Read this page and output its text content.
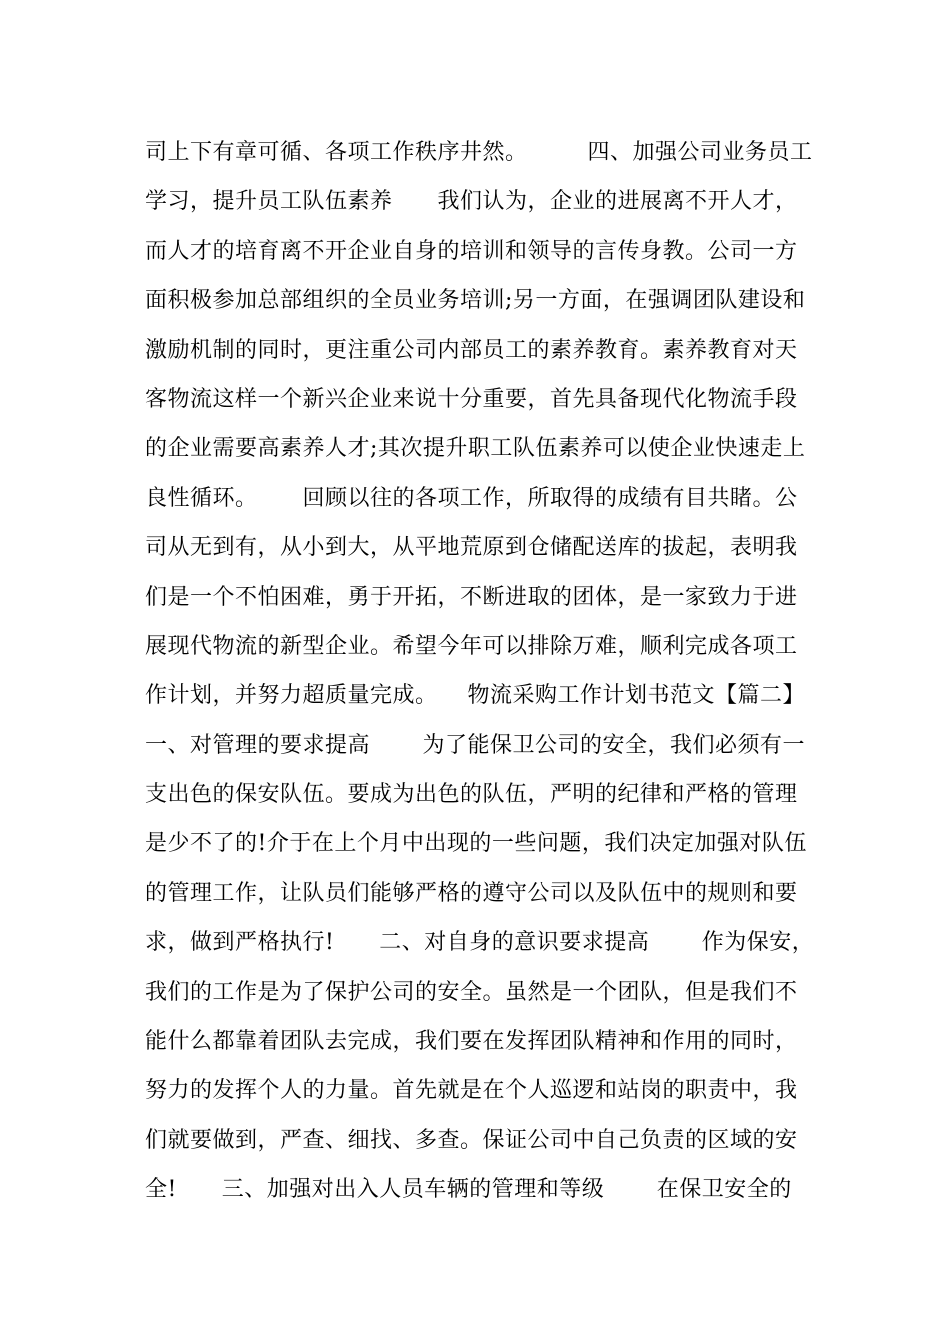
司上下有章可循、各项工作秩序井然。        四、加强公司业务员工
学习，提升员工队伍素养      我们认为，企业的进展离不开人才，
而人才的培育离不开企业自身的培训和领导的言传身教。公司一方
面积极参加总部组织的全员业务培训;另一方面，在强调团队建设和
激励机制的同时，更注重公司内部员工的素养教育。素养教育对天
客物流这样一个新兴企业来说十分重要，首先具备现代化物流手段
的企业需要高素养人才;其次提升职工队伍素养可以使企业快速走上
良性循环。      回顾以往的各项工作，所取得的成绩有目共睹。公
司从无到有，从小到大，从平地荒原到仓储配送库的拔起，表明我
们是一个不怕困难，勇于开拓，不断进取的团体，是一家致力于进
展现代物流的新型企业。希望今年可以排除万难，顺利完成各项工
作计划，并努力超质量完成。    物流采购工作计划书范文【篇二】
一、对管理的要求提高       为了能保卫公司的安全，我们必须有一
支出色的保安队伍。要成为出色的队伍，严明的纪律和严格的管理
是少不了的!介于在上个月中出现的一些问题，我们决定加强对队伍
的管理工作，让队员们能够严格的遵守公司以及队伍中的规则和要
求，做到严格执行!      二、对自身的意识要求提高       作为保安，
我们的工作是为了保护公司的安全。虽然是一个团队，但是我们不
能什么都靠着团队去完成，我们要在发挥团队精神和作用的同时，
努力的发挥个人的力量。首先就是在个人巡逻和站岗的职责中，我
们就要做到，严查、细找、多查。保证公司中自己负责的区域的安
全!      三、加强对出入人员车辆的管理和等级       在保卫安全的
